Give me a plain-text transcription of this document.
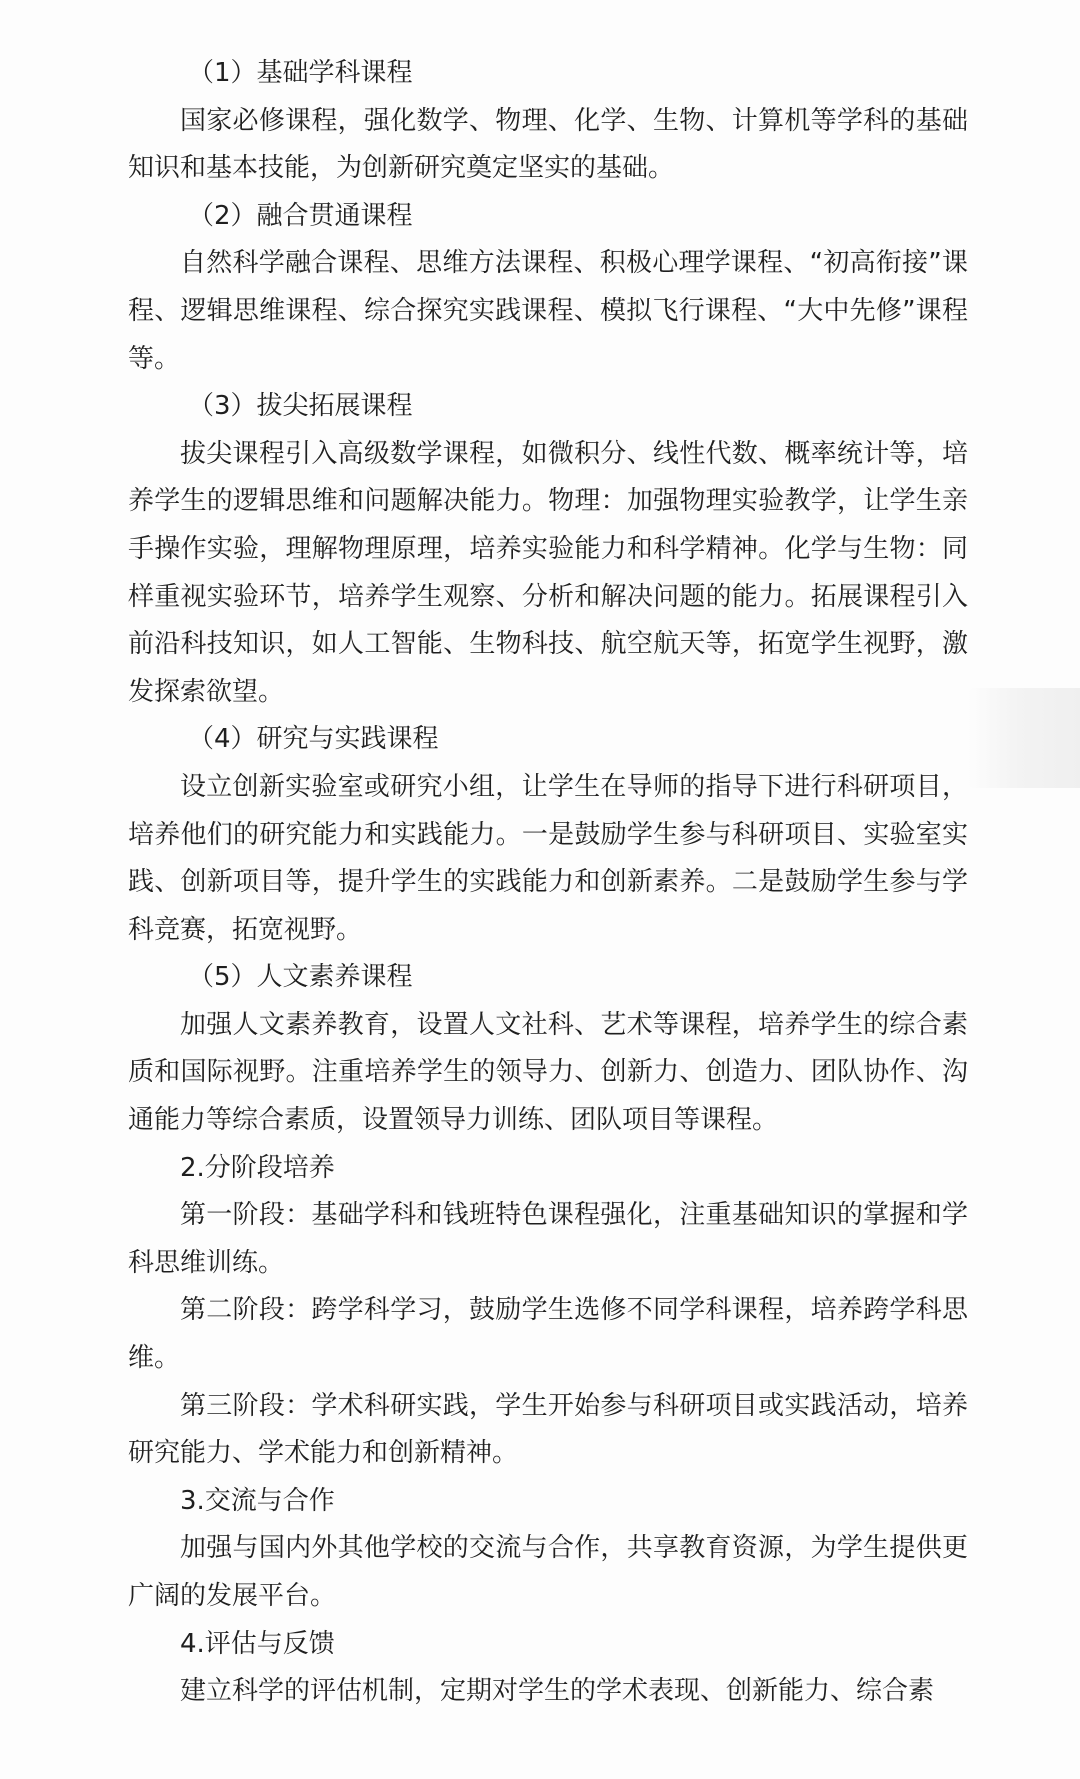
（1）基础学科课程

国家必修课程，强化数学、物理、化学、生物、计算机等学科的基础知识和基本技能，为创新研究奠定坚实的基础。

（2）融合贯通课程

自然科学融合课程、思维方法课程、积极心理学课程、“初高衔接”课程、逻辑思维课程、综合探究实践课程、模拟飞行课程、“大中先修”课程等。

（3）拔尖拓展课程

拔尖课程引入高级数学课程，如微积分、线性代数、概率统计等，培养学生的逻辑思维和问题解决能力。物理：加强物理实验教学，让学生亲手操作实验，理解物理原理，培养实验能力和科学精神。化学与生物：同样重视实验环节，培养学生观察、分析和解决问题的能力。拓展课程引入前沿科技知识，如人工智能、生物科技、航空航天等，拓宽学生视野，激发探索欲望。

（4）研究与实践课程

设立创新实验室或研究小组，让学生在导师的指导下进行科研项目，培养他们的研究能力和实践能力。一是鼓励学生参与科研项目、实验室实践、创新项目等，提升学生的实践能力和创新素养。二是鼓励学生参与学科竞赛，拓宽视野。

（5）人文素养课程

加强人文素养教育，设置人文社科、艺术等课程，培养学生的综合素质和国际视野。注重培养学生的领导力、创新力、创造力、团队协作、沟通能力等综合素质，设置领导力训练、团队项目等课程。

2.分阶段培养

第一阶段：基础学科和钱班特色课程强化，注重基础知识的掌握和学科思维训练。

第二阶段：跨学科学习，鼓励学生选修不同学科课程，培养跨学科思维。

第三阶段：学术科研实践，学生开始参与科研项目或实践活动，培养研究能力、学术能力和创新精神。

3.交流与合作

加强与国内外其他学校的交流与合作，共享教育资源，为学生提供更广阔的发展平台。

4.评估与反馈

建立科学的评估机制，定期对学生的学术表现、创新能力、综合素
